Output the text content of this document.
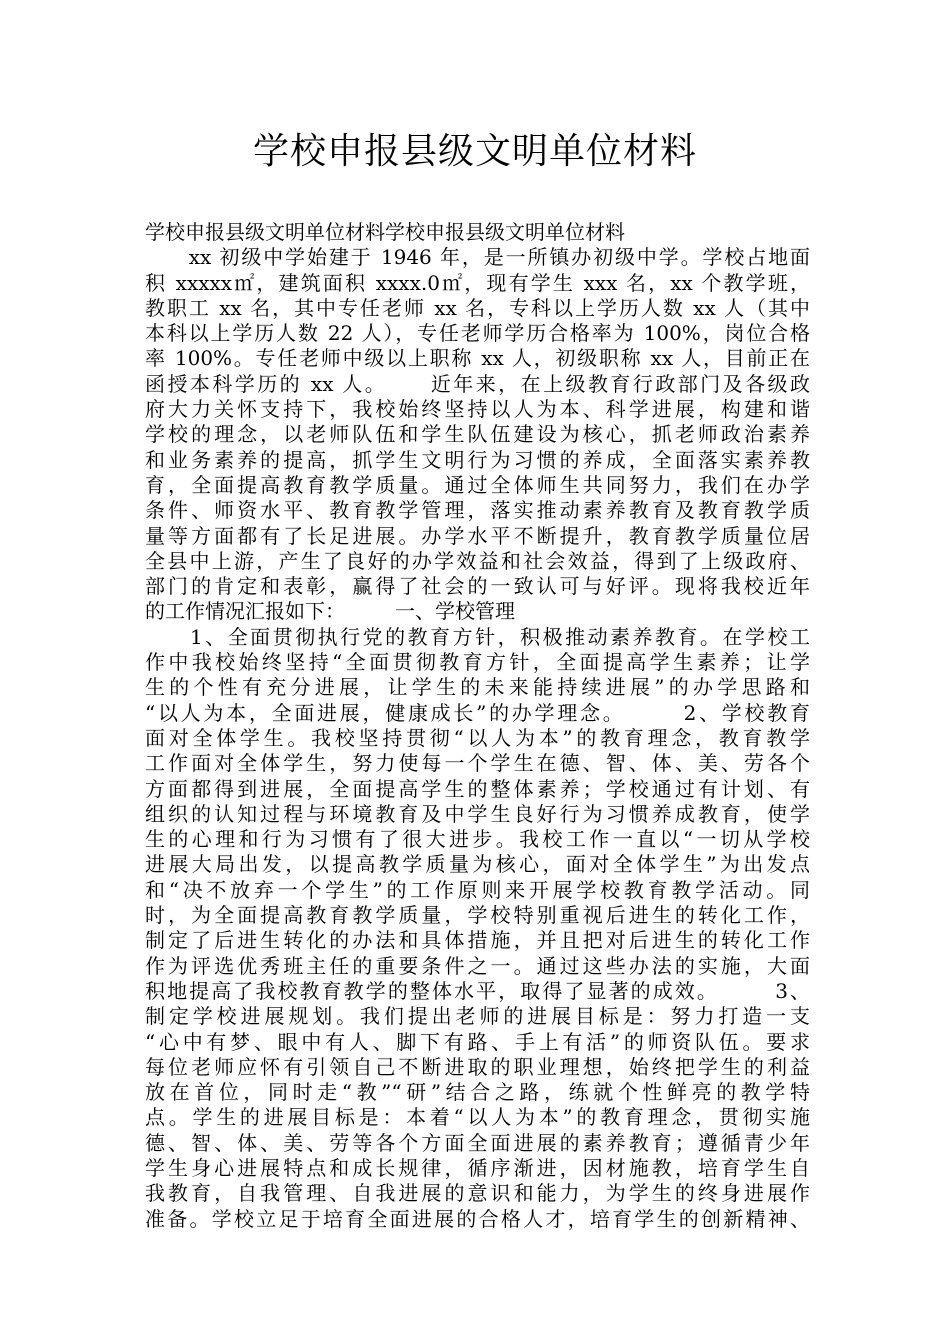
学校申报县级文明单位材料
学校申报县级文明单位材料学校申报县级文明单位材料
　　xx 初级中学始建于 1946 年，是一所镇办初级中学。学校占地面
积 xxxxx㎡，建筑面积 xxxx.0㎡，现有学生 xxx 名，xx 个教学班，
教职工 xx 名，其中专任老师 xx 名，专科以上学历人数 xx 人（其中
本科以上学历人数 22 人），专任老师学历合格率为 100%，岗位合格
率 100%。专任老师中级以上职称 xx 人，初级职称 xx 人，目前正在
函授本科学历的 xx 人。　　 近年来，在上级教育行政部门及各级政
府大力关怀支持下，我校始终坚持以人为本、科学进展，构建和谐
学校的理念，以老师队伍和学生队伍建设为核心，抓老师政治素养
和业务素养的提高，抓学生文明行为习惯的养成，全面落实素养教
育，全面提高教育教学质量。通过全体师生共同努力，我们在办学
条件、师资水平、教育教学管理，落实推动素养教育及教育教学质
量等方面都有了长足进展。办学水平不断提升，教育教学质量位居
全县中上游，产生了良好的办学效益和社会效益，得到了上级政府、
部门的肯定和表彰，赢得了社会的一致认可与好评。现将我校近年
的工作情况汇报如下：　　　一、学校管理
　　1、全面贯彻执行党的教育方针，积极推动素养教育。在学校工
作中我校始终坚持“全面贯彻教育方针，全面提高学生素养；让学
生的个性有充分进展，让学生的未来能持续进展”的办学思路和
“以人为本，全面进展，健康成长”的办学理念。　　　2、学校教育
面对全体学生。我校坚持贯彻“以人为本”的教育理念，教育教学
工作面对全体学生，努力使每一个学生在德、智、体、美、劳各个
方面都得到进展，全面提高学生的整体素养；学校通过有计划、有
组织的认知过程与环境教育及中学生良好行为习惯养成教育，使学
生的心理和行为习惯有了很大进步。我校工作一直以“一切从学校
进展大局出发，以提高教学质量为核心，面对全体学生”为出发点
和“决不放弃一个学生”的工作原则来开展学校教育教学活动。同
时，为全面提高教育教学质量，学校特别重视后进生的转化工作，
制定了后进生转化的办法和具体措施，并且把对后进生的转化工作
作为评选优秀班主任的重要条件之一。通过这些办法的实施，大面
积地提高了我校教育教学的整体水平，取得了显著的成效。　　　3、
制定学校进展规划。我们提出老师的进展目标是：努力打造一支
“心中有梦、眼中有人、脚下有路、手上有活”的师资队伍。要求
每位老师应怀有引领自己不断进取的职业理想，始终把学生的利益
放在首位，同时走“教”“研”结合之路，练就个性鲜亮的教学特
点。学生的进展目标是：本着“以人为本”的教育理念，贯彻实施
德、智、体、美、劳等各个方面全面进展的素养教育；遵循青少年
学生身心进展特点和成长规律，循序渐进，因材施教，培育学生自
我教育，自我管理、自我进展的意识和能力，为学生的终身进展作
准备。学校立足于培育全面进展的合格人才，培育学生的创新精神、
